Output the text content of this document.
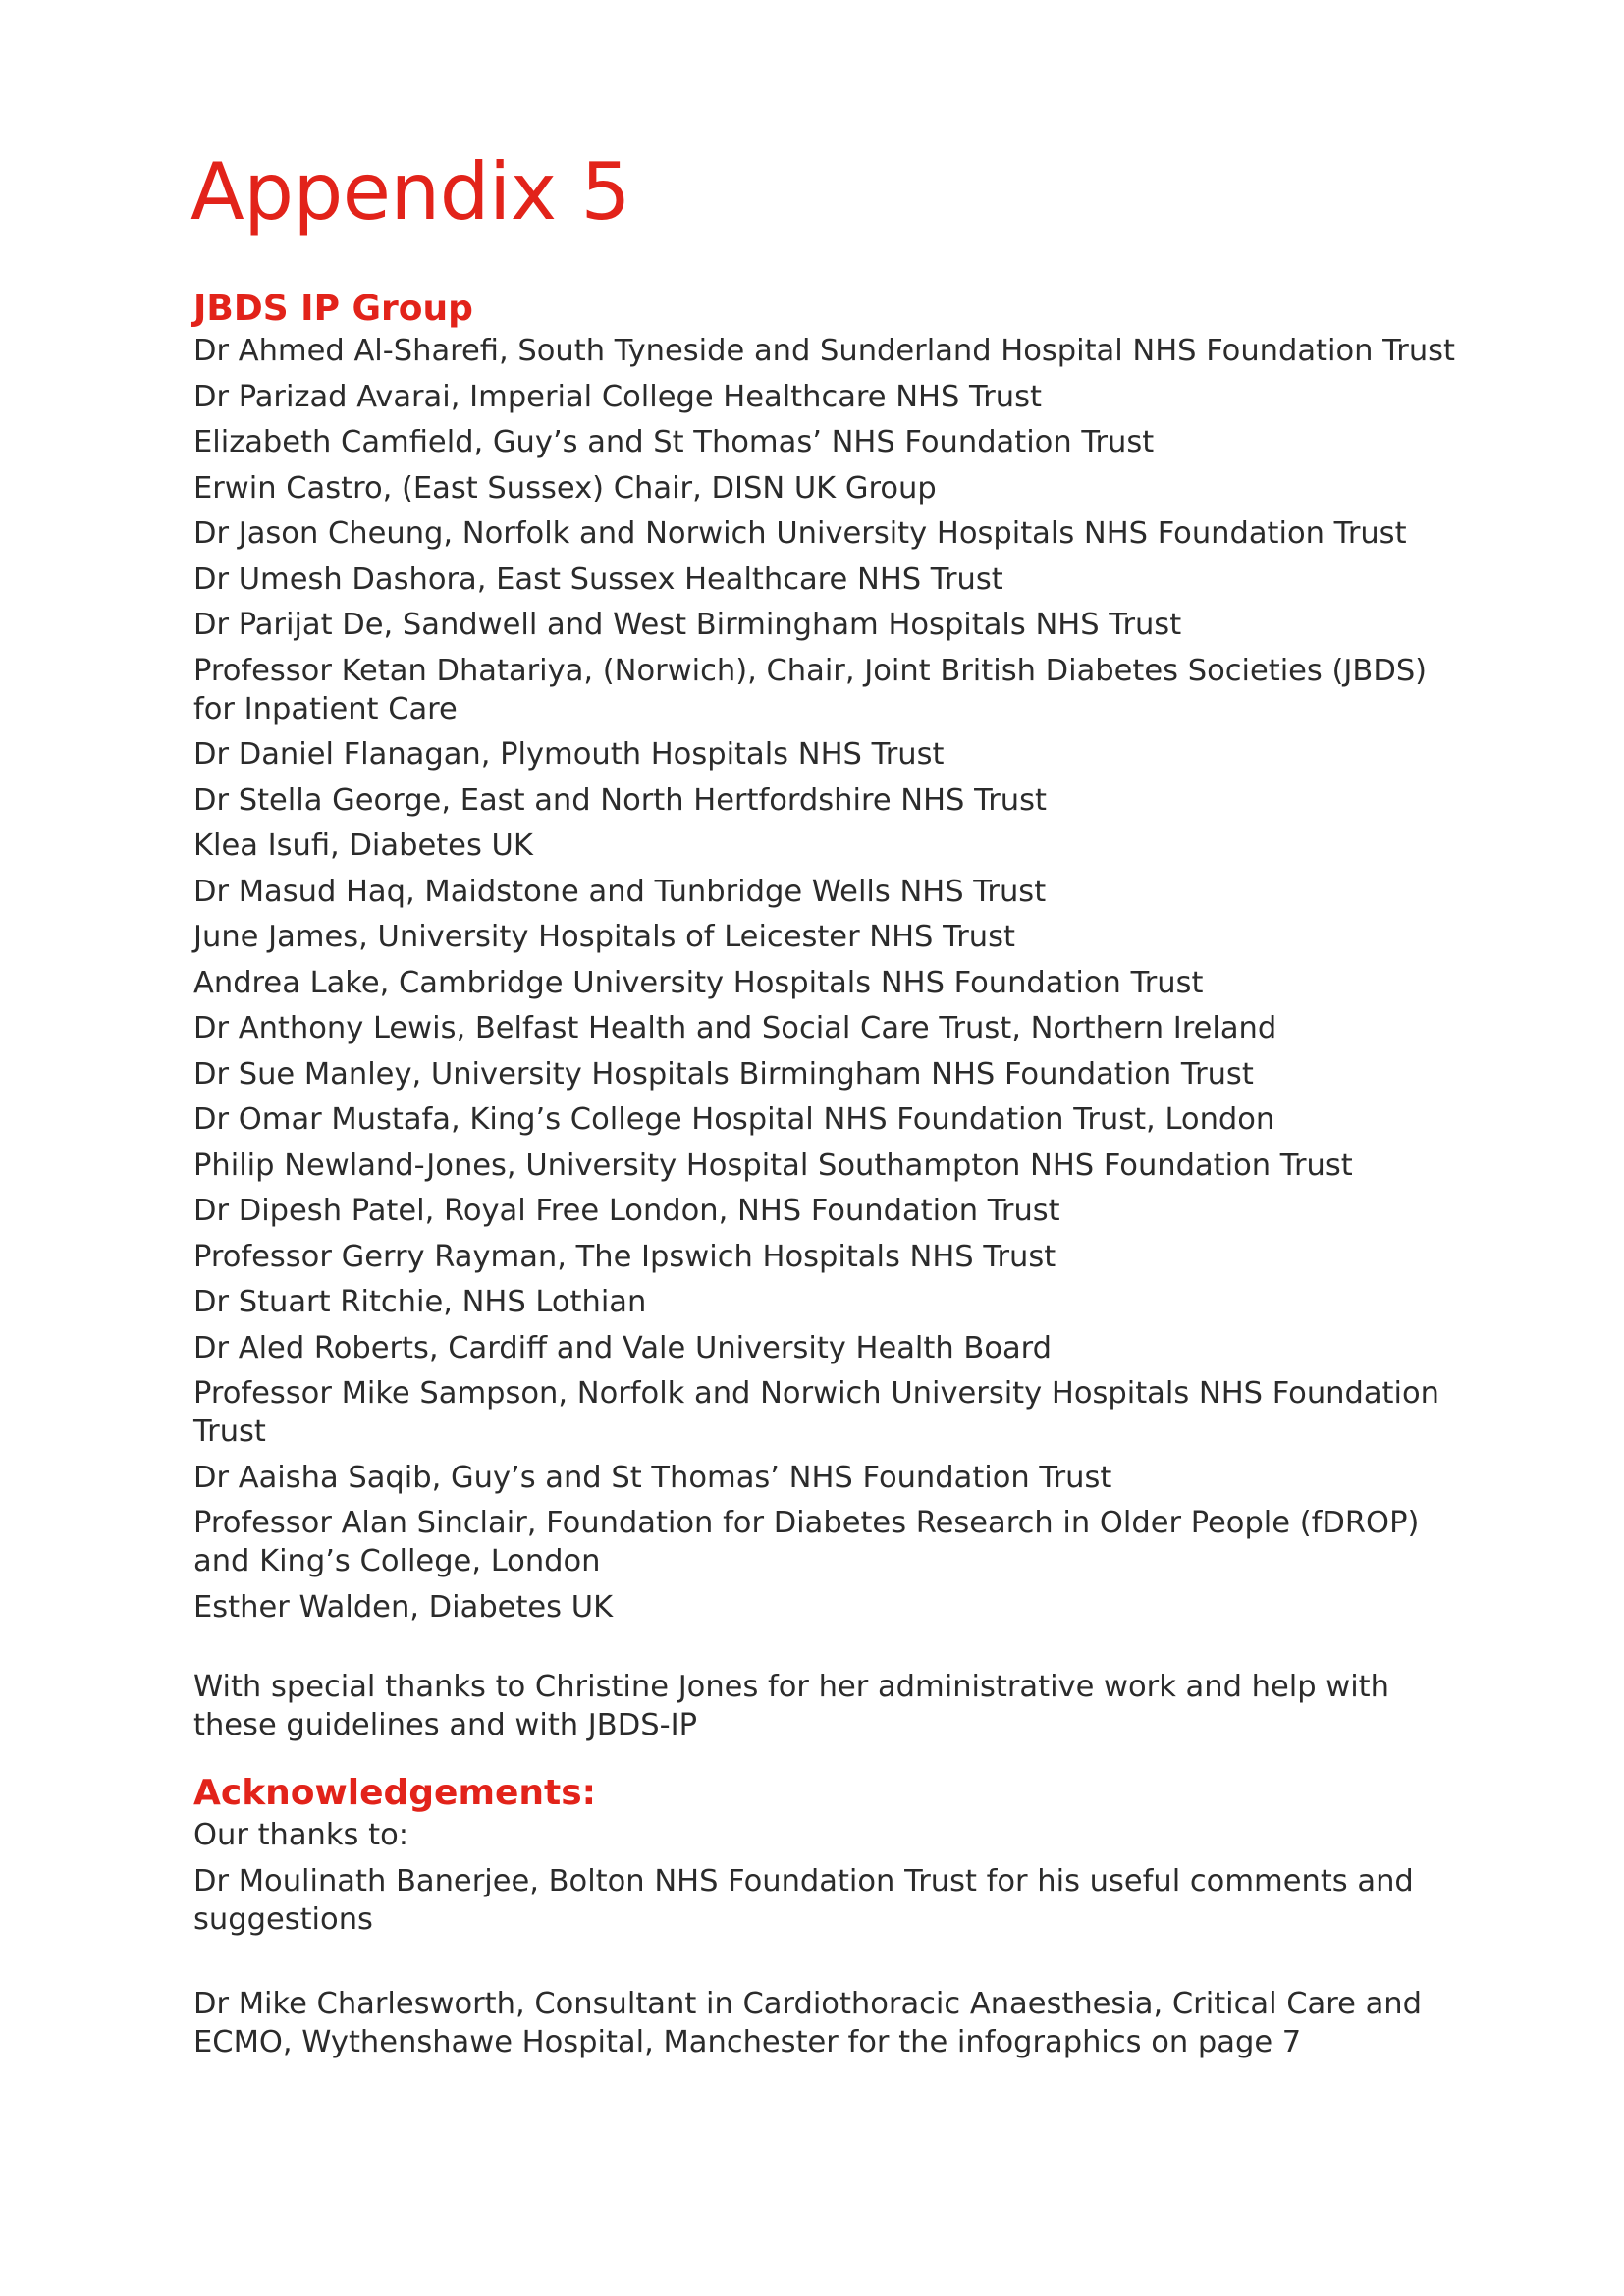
Appendix 5
JBDS IP Group
Dr Ahmed Al-Sharefi, South Tyneside and Sunderland Hospital NHS Foundation Trust
Dr Parizad Avarai, Imperial College Healthcare NHS Trust
Elizabeth Camfield, Guy’s and St Thomas’ NHS Foundation Trust
Erwin Castro, (East Sussex) Chair, DISN UK Group
Dr Jason Cheung, Norfolk and Norwich University Hospitals NHS Foundation Trust
Dr Umesh Dashora, East Sussex Healthcare NHS Trust
Dr Parijat De, Sandwell and West Birmingham Hospitals NHS Trust
Professor Ketan Dhatariya, (Norwich), Chair, Joint British Diabetes Societies (JBDS) for Inpatient Care
Dr Daniel Flanagan, Plymouth Hospitals NHS Trust
Dr Stella George, East and North Hertfordshire NHS Trust
Klea Isufi, Diabetes UK
Dr Masud Haq, Maidstone and Tunbridge Wells NHS Trust
June James, University Hospitals of Leicester NHS Trust
Andrea Lake, Cambridge University Hospitals NHS Foundation Trust
Dr Anthony Lewis, Belfast Health and Social Care Trust, Northern Ireland
Dr Sue Manley, University Hospitals Birmingham NHS Foundation Trust
Dr Omar Mustafa, King’s College Hospital NHS Foundation Trust, London
Philip Newland-Jones, University Hospital Southampton NHS Foundation Trust
Dr Dipesh Patel, Royal Free London, NHS Foundation Trust
Professor Gerry Rayman, The Ipswich Hospitals NHS Trust
Dr Stuart Ritchie, NHS Lothian
Dr Aled Roberts, Cardiff and Vale University Health Board
Professor Mike Sampson, Norfolk and Norwich University Hospitals NHS Foundation Trust
Dr Aaisha Saqib, Guy’s and St Thomas’ NHS Foundation Trust
Professor Alan Sinclair, Foundation for Diabetes Research in Older People (fDROP) and King’s College, London
Esther Walden, Diabetes UK

With special thanks to Christine Jones for her administrative work and help with these guidelines and with JBDS-IP

Acknowledgements:

Our thanks to:

Dr Moulinath Banerjee, Bolton NHS Foundation Trust for his useful comments and suggestions

Dr Mike Charlesworth, Consultant in Cardiothoracic Anaesthesia, Critical Care and ECMO, Wythenshawe Hospital, Manchester for the infographics on page 7
